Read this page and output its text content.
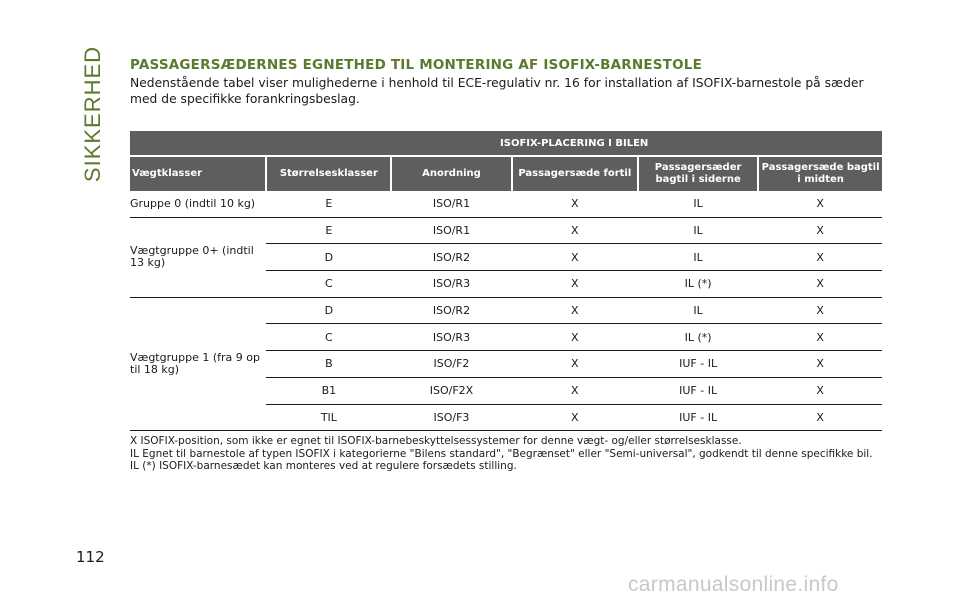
SIKKERHED PASSAGERSÆDERNES EGNETHED TIL MONTERING AF ISOFIX-BARNESTOLE

Nedenstående tabel viser mulighederne i henhold til ECE-regulativ nr. 16 for installation af ISOFIX-barnestole på sæder med de specifikke forankringsbeslag.

	ISOFIX-PLACERING I BILEN				
Vægtklasser	Størrelsesklasser	Anordning	Passagersæde fortil	Passagersæder bagtil i siderne	Passagersæde bagtil i midten
Gruppe 0 (indtil 10 kg)	E	ISO/R1	X	IL	X
Vægtgruppe 0+ (indtil 13 kg)	E	ISO/R1	X	IL	X
	D	ISO/R2	X	IL	X
	C	ISO/R3	X	IL (*)	X
Vægtgruppe 1 (fra 9 op til 18 kg)	D	ISO/R2	X	IL	X
	C	ISO/R3	X	IL (*)	X
	B	ISO/F2	X	IUF - IL	X
	B1	ISO/F2X	X	IUF - IL	X
	TIL	ISO/F3	X	IUF - IL	X

X ISOFIX-position, som ikke er egnet til ISOFIX-barnebeskyttelsessystemer for denne vægt- og/eller størrelsesklasse.

IL Egnet til barnestole af typen ISOFIX i kategorierne "Bilens standard", "Begrænset" eller "Semi-universal", godkendt til denne specifikke bil.

IL (*) ISOFIX-barnesædet kan monteres ved at regulere forsædets stilling.

112
carmanualsonline.info
